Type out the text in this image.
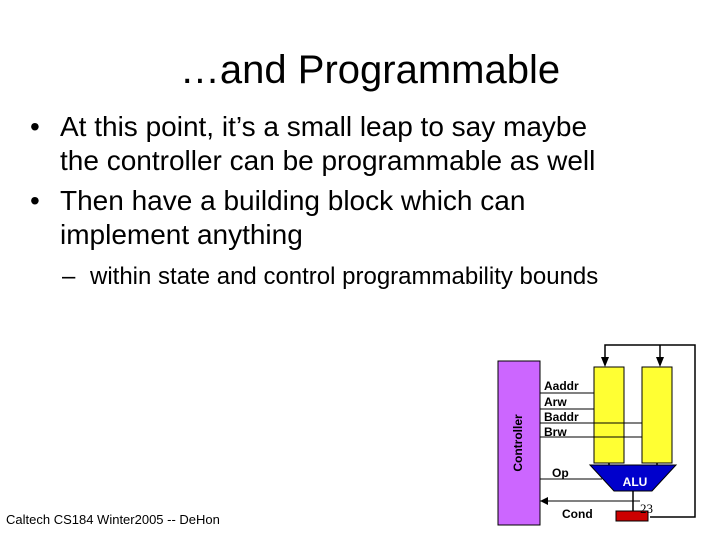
…and Programmable
• At this point, it’s a small leap to say maybe the controller can be programmable as well
• Then have a building block which can implement anything
– within state and control programmability bounds
Controller
Aaddr
Arw
Baddr
Brw
Op
ALU
Cond	23
Caltech CS184 Winter2005 -- DeHon
